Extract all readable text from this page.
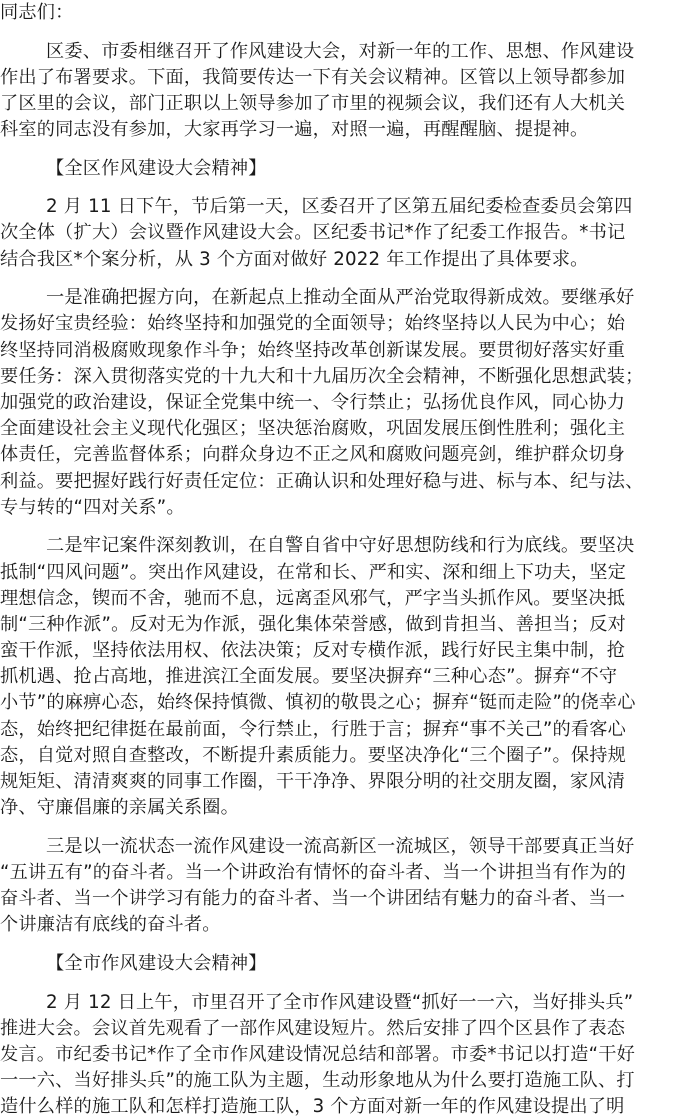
同志们：
区委、市委相继召开了作风建设大会，对新一年的工作、思想、作风建设
作出了布署要求。下面，我简要传达一下有关会议精神。区管以上领导都参加
了区里的会议，部门正职以上领导参加了市里的视频会议，我们还有人大机关
科室的同志没有参加，大家再学习一遍，对照一遍，再醒醒脑、提提神。
【全区作风建设大会精神】
2 月 11 日下午，节后第一天，区委召开了区第五届纪委检查委员会第四
次全体（扩大）会议暨作风建设大会。区纪委书记*作了纪委工作报告。*书记
结合我区*个案分析，从 3 个方面对做好 2022 年工作提出了具体要求。
一是准确把握方向，在新起点上推动全面从严治党取得新成效。要继承好
发扬好宝贵经验：始终坚持和加强党的全面领导；始终坚持以人民为中心；始
终坚持同消极腐败现象作斗争；始终坚持改革创新谋发展。要贯彻好落实好重
要任务：深入贯彻落实党的十九大和十九届历次全会精神，不断强化思想武装；
加强党的政治建设，保证全党集中统一、令行禁止；弘扬优良作风，同心协力
全面建设社会主义现代化强区；坚决惩治腐败，巩固发展压倒性胜利；强化主
体责任，完善监督体系；向群众身边不正之风和腐败问题亮剑，维护群众切身
利益。要把握好践行好责任定位：正确认识和处理好稳与进、标与本、纪与法、
专与转的“四对关系”。
二是牢记案件深刻教训，在自警自省中守好思想防线和行为底线。要坚决
抵制“四风问题”。突出作风建设，在常和长、严和实、深和细上下功夫，坚定
理想信念，锲而不舍，驰而不息，远离歪风邪气，严字当头抓作风。要坚决抵
制“三种作派”。反对无为作派，强化集体荣誉感，做到肯担当、善担当；反对
蛮干作派，坚持依法用权、依法决策；反对专横作派，践行好民主集中制，抢
抓机遇、抢占高地，推进滨江全面发展。要坚决摒弃“三种心态”。摒弃“不守
小节”的麻痹心态，始终保持慎微、慎初的敬畏之心；摒弃“铤而走险”的侥幸心
态，始终把纪律挺在最前面，令行禁止，行胜于言；摒弃“事不关己”的看客心
态，自觉对照自查整改，不断提升素质能力。要坚决净化“三个圈子”。保持规
规矩矩、清清爽爽的同事工作圈，干干净净、界限分明的社交朋友圈，家风清
净、守廉倡廉的亲属关系圈。
三是以一流状态一流作风建设一流高新区一流城区，领导干部要真正当好
“五讲五有”的奋斗者。当一个讲政治有情怀的奋斗者、当一个讲担当有作为的
奋斗者、当一个讲学习有能力的奋斗者、当一个讲团结有魅力的奋斗者、当一
个讲廉洁有底线的奋斗者。
【全市作风建设大会精神】
2 月 12 日上午，市里召开了全市作风建设暨“抓好一一六，当好排头兵”
推进大会。会议首先观看了一部作风建设短片。然后安排了四个区县作了表态
发言。市纪委书记*作了全市作风建设情况总结和部署。市委*书记以打造“干好
一一六、当好排头兵”的施工队为主题，生动形象地从为什么要打造施工队、打
造什么样的施工队和怎样打造施工队，3 个方面对新一年的作风建设提出了明
